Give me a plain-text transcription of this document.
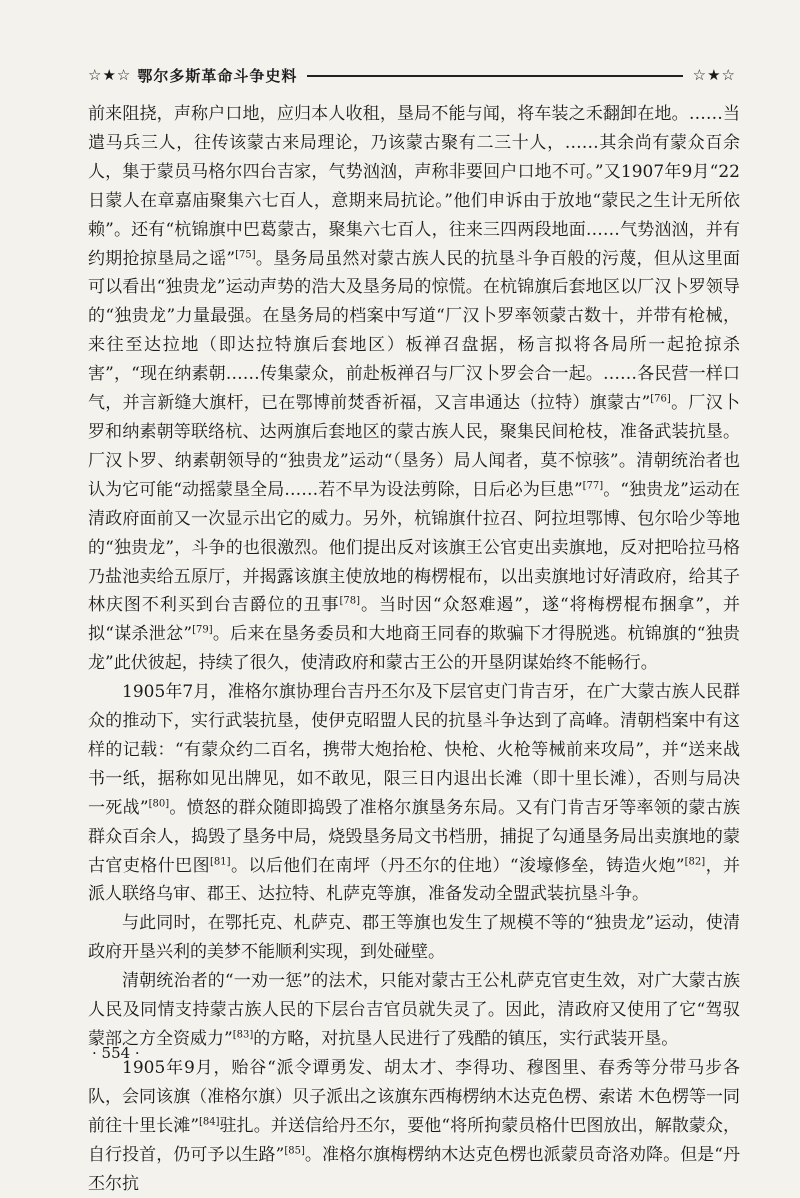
☆★☆ 鄂尔多斯革命斗争史料	☆★☆

前来阻挠，声称户口地，应归本人收租，垦局不能与闻，将车装之禾翻卸在地。……当遣马兵三人，往传该蒙古来局理论，乃该蒙古聚有二三十人，……其余尚有蒙众百余人，集于蒙员马格尔四台吉家，气势汹汹，声称非要回户口地不可。”又1907年9月“22日蒙人在章嘉庙聚集六七百人，意期来局抗论。”他们申诉由于放地“蒙民之生计无所依赖”。还有“杭锦旗中巴葛蒙古，聚集六七百人，往来三四两段地面……气势汹汹，并有约期抢掠垦局之谣”[75]。垦务局虽然对蒙古族人民的抗垦斗争百般的污蔑，但从这里面可以看出“独贵龙”运动声势的浩大及垦务局的惊慌。在杭锦旗后套地区以厂汉卜罗领导的“独贵龙”力量最强。在垦务局的档案中写道“厂汉卜罗率领蒙古数十，并带有枪械，来往至达拉地（即达拉特旗后套地区）板禅召盘据，杨言拟将各局所一起抢掠杀害”，“现在纳素朝……传集蒙众，前赴板禅召与厂汉卜罗会合一起。……各民营一样口气，并言新缝大旗杆，已在鄂博前焚香祈福，又言串通达（拉特）旗蒙古”[76]。厂汉卜罗和纳素朝等联络杭、达两旗后套地区的蒙古族人民，聚集民间枪枝，准备武装抗垦。厂汉卜罗、纳素朝领导的“独贵龙”运动“（垦务）局人闻者，莫不惊骇”。清朝统治者也认为它可能“动摇蒙垦全局……若不早为设法剪除，日后必为巨患”[77]。“独贵龙”运动在清政府面前又一次显示出它的威力。另外，杭锦旗什拉召、阿拉坦鄂博、包尔哈少等地的“独贵龙”，斗争的也很激烈。他们提出反对该旗王公官吏出卖旗地，反对把哈拉马格乃盐池卖给五原厅，并揭露该旗主使放地的梅楞棍布，以出卖旗地讨好清政府，给其子林庆图不利买到台吉爵位的丑事[78]。当时因“众怒难遏”，遂“将梅楞棍布捆拿”，并拟“谋杀泄忿”[79]。后来在垦务委员和大地商王同春的欺骗下才得脱逃。杭锦旗的“独贵龙”此伏彼起，持续了很久，使清政府和蒙古王公的开垦阴谋始终不能畅行。

1905年7月，准格尔旗协理台吉丹丕尔及下层官吏门肯吉牙，在广大蒙古族人民群众的推动下，实行武装抗垦，使伊克昭盟人民的抗垦斗争达到了高峰。清朝档案中有这样的记载：“有蒙众约二百名，携带大炮抬枪、快枪、火枪等械前来攻局”，并“送来战书一纸，据称如见出牌见，如不敢见，限三日内退出长滩（即十里长滩），否则与局决一死战”[80]。愤怒的群众随即捣毁了准格尔旗垦务东局。又有门肯吉牙等率领的蒙古族群众百余人，捣毁了垦务中局，烧毁垦务局文书档册，捕捉了勾通垦务局出卖旗地的蒙古官吏格什巴图[81]。以后他们在南坪（丹丕尔的住地）“浚壕修垒，铸造火炮”[82]，并派人联络乌审、郡王、达拉特、札萨克等旗，准备发动全盟武装抗垦斗争。

与此同时，在鄂托克、札萨克、郡王等旗也发生了规模不等的“独贵龙”运动，使清政府开垦兴利的美梦不能顺利实现，到处碰壁。

清朝统治者的“一劝一惩”的法术，只能对蒙古王公札萨克官吏生效，对广大蒙古族人民及同情支持蒙古族人民的下层台吉官员就失灵了。因此，清政府又使用了它“驾驭蒙部之方全资威力”[83]的方略，对抗垦人民进行了残酷的镇压，实行武装开垦。

1905年9月，贻谷“派令谭勇发、胡太才、李得功、穆图里、春秀等分带马步各队，会同该旗（准格尔旗）贝子派出之该旗东西梅楞纳木达克色楞、索诺 木色楞等一同前往十里长滩”[84]驻扎。并送信给丹丕尔，要他“将所拘蒙员格什巴图放出，解散蒙众，自行投首，仍可予以生路”[85]。准格尔旗梅楞纳木达克色楞也派蒙员奇洛劝降。但是“丹丕尔抗

· 554 ·
